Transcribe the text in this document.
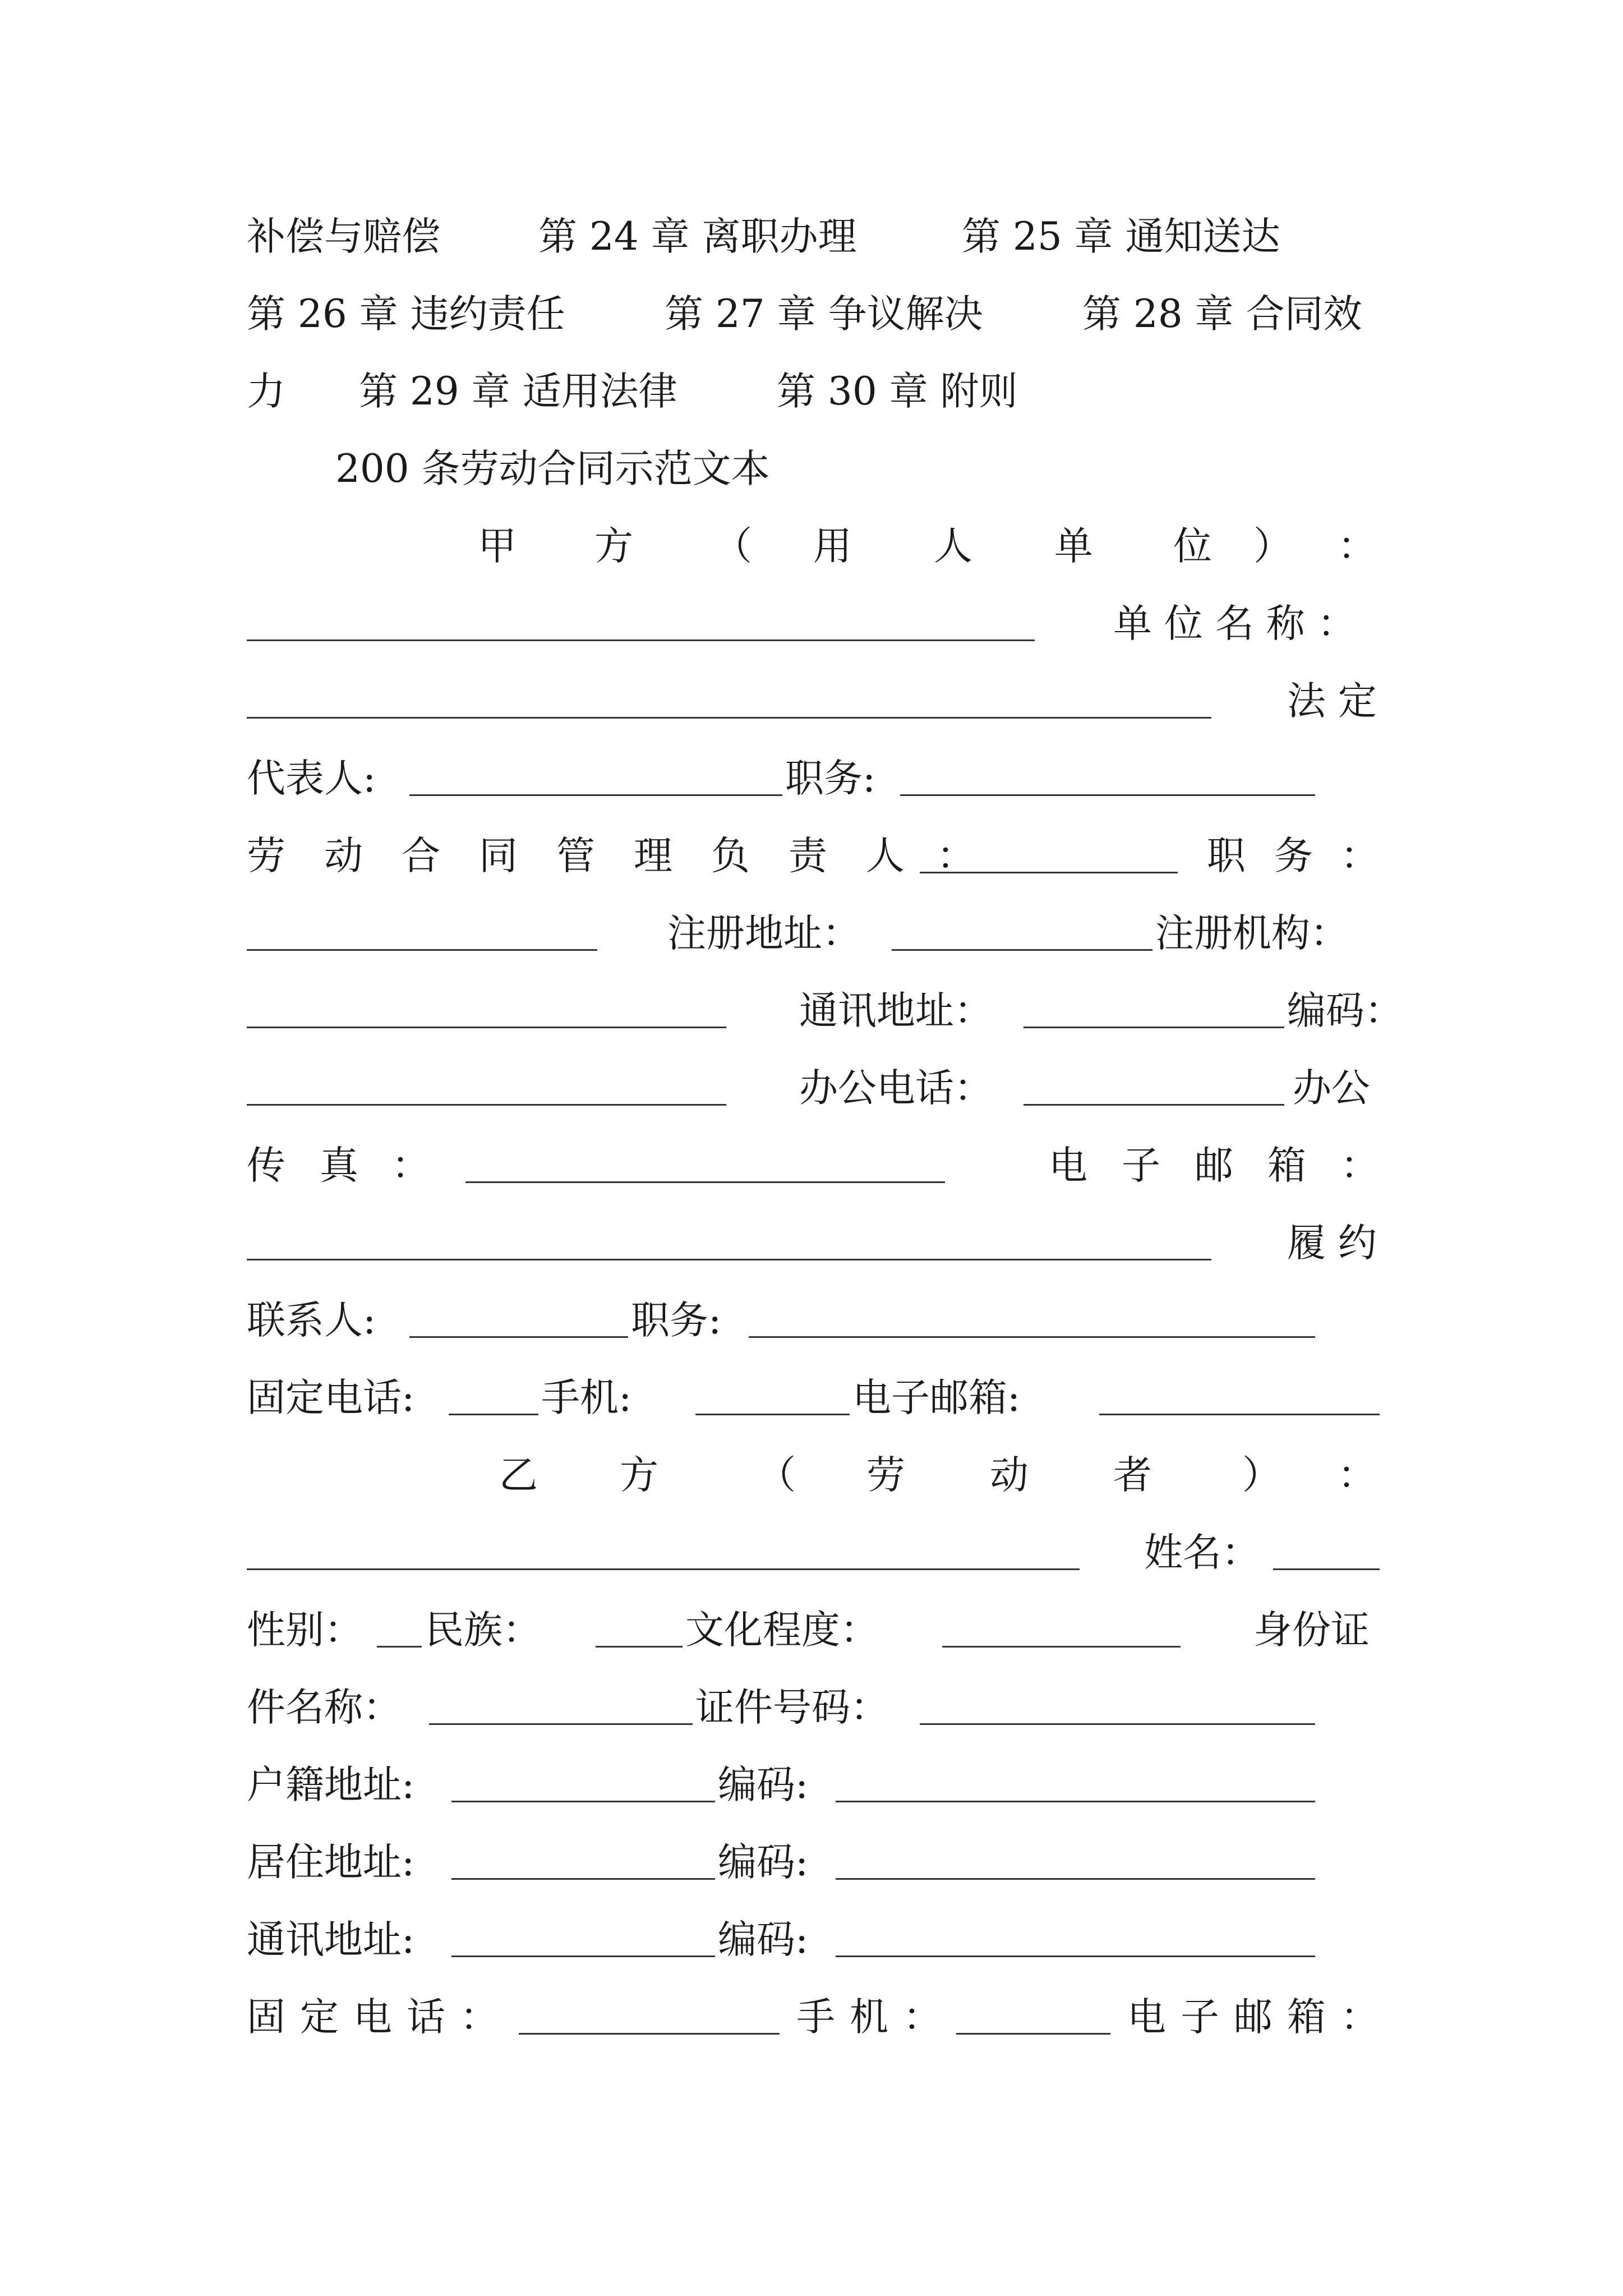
补偿与赔偿	第 24 章 离职办理	第 25 章 通知送达
第 26 章 违约责任	第 27 章 争议解决	第 28 章 合同效
力 第 29 章 适用法律	第 30 章 附则
200 条劳动合同示范文本
甲 方 （ 用 人 单 位 ） ：
单 位 名 称 ：
法 定
代表人:	职务:
劳 动 合 同 管 理 负 责 人 ：	职 务 ：
注册地址：	注册机构：
通讯地址：	编码：
办公电话：	办公
传 真 ：	电 子 邮 箱 ：
履 约
联系人:	职务:
固定电话:	手机:	电子邮箱:
乙 方	（ 劳 动 者 ） ：
姓名：
性别： 民族：	文化程度：	身份证
件名称：	证件号码：
户籍地址:	编码:
居住地址:	编码:
通讯地址:	编码:
固 定 电 话 ：	手 机 ：	电 子 邮 箱 ：
